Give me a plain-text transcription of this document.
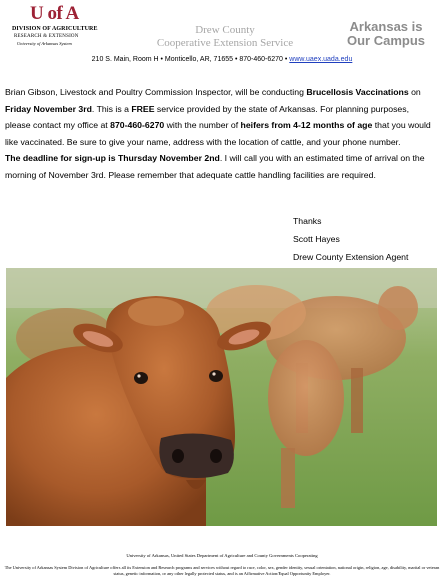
U of A
DIVISION OF AGRICULTURE
RESEARCH & EXTENSION
University of Arkansas System
Drew County
Cooperative Extension Service
Arkansas is
Our Campus
210 S. Main, Room H • Monticello, AR, 71655 • 870-460-6270 • www.uaex.uada.edu

Brian Gibson, Livestock and Poultry Commission Inspector, will be conducting Brucellosis Vaccinations on Friday November 3rd. This is a FREE service provided by the state of Arkansas. For planning purposes, please contact my office at 870-460-6270 with the number of heifers from 4-12 months of age that you would like vaccinated. Be sure to give your name, address with the location of cattle, and your phone number.

The deadline for sign-up is Thursday November 2nd. I will call you with an estimated time of arrival on the morning of November 3rd. Please remember that adequate cattle handling facilities are required.

Thanks
Scott Hayes
Drew County Extension Agent
University of Arkansas, United States Department of Agriculture and County Governments Cooperating
The University of Arkansas System Division of Agriculture offers all its Extension and Research programs and services without regard to race, color, sex, gender identity, sexual orientation, national origin, religion, age, disability, marital or veteran status, genetic information, or any other legally protected status, and is an Affirmative Action/Equal Opportunity Employer.
